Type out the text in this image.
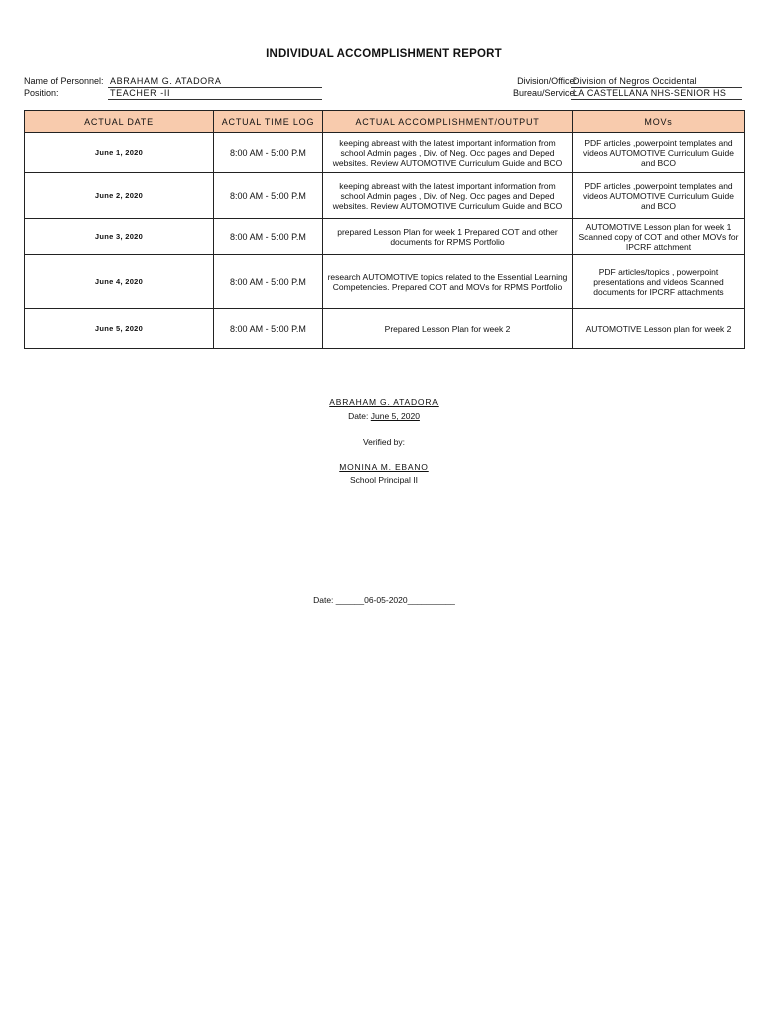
INDIVIDUAL ACCOMPLISHMENT REPORT
Name of Personnel: ABRAHAM G. ATADORA
Position:	TEACHER -II
Division/Office:
Division of Negros Occidental
Bureau/Service:
LA CASTELLANA NHS-SENIOR HS
ACTUAL DATE	ACTUAL TIME LOG	ACTUAL ACCOMPLISHMENT/OUTPUT	MOVs
June 1, 2020	8:00 AM - 5:00 P.M	keeping abreast with the latest important information from school Admin pages , Div. of Neg. Occ pages and Deped websites. Review AUTOMOTIVE Curriculum Guide and BCO	PDF articles ,powerpoint templates and videos AUTOMOTIVE Curriculum Guide and BCO
June 2, 2020	8:00 AM - 5:00 P.M	keeping abreast with the latest important information from school Admin pages , Div. of Neg. Occ pages and Deped websites. Review AUTOMOTIVE Curriculum Guide and BCO	PDF articles ,powerpoint templates and videos AUTOMOTIVE Curriculum Guide and BCO
June 3, 2020	8:00 AM - 5:00 P.M	prepared Lesson Plan for week 1 Prepared COT and other documents for RPMS Portfolio	AUTOMOTIVE Lesson plan for week 1 Scanned copy of COT and other MOVs for IPCRF attchment
June 4, 2020	8:00 AM - 5:00 P.M	research AUTOMOTIVE topics related to the Essential Learning Competencies. Prepared COT and MOVs for RPMS Portfolio	PDF articles/topics , powerpoint presentations and videos Scanned documents for IPCRF attachments
June 5, 2020	8:00 AM - 5:00 P.M	Prepared Lesson Plan for week 2	AUTOMOTIVE Lesson plan for week 2
ABRAHAM G. ATADORA
Date: June 5, 2020
Verified by:
MONINA M. EBANO
School Principal II
Date: ______06-05-2020__________
